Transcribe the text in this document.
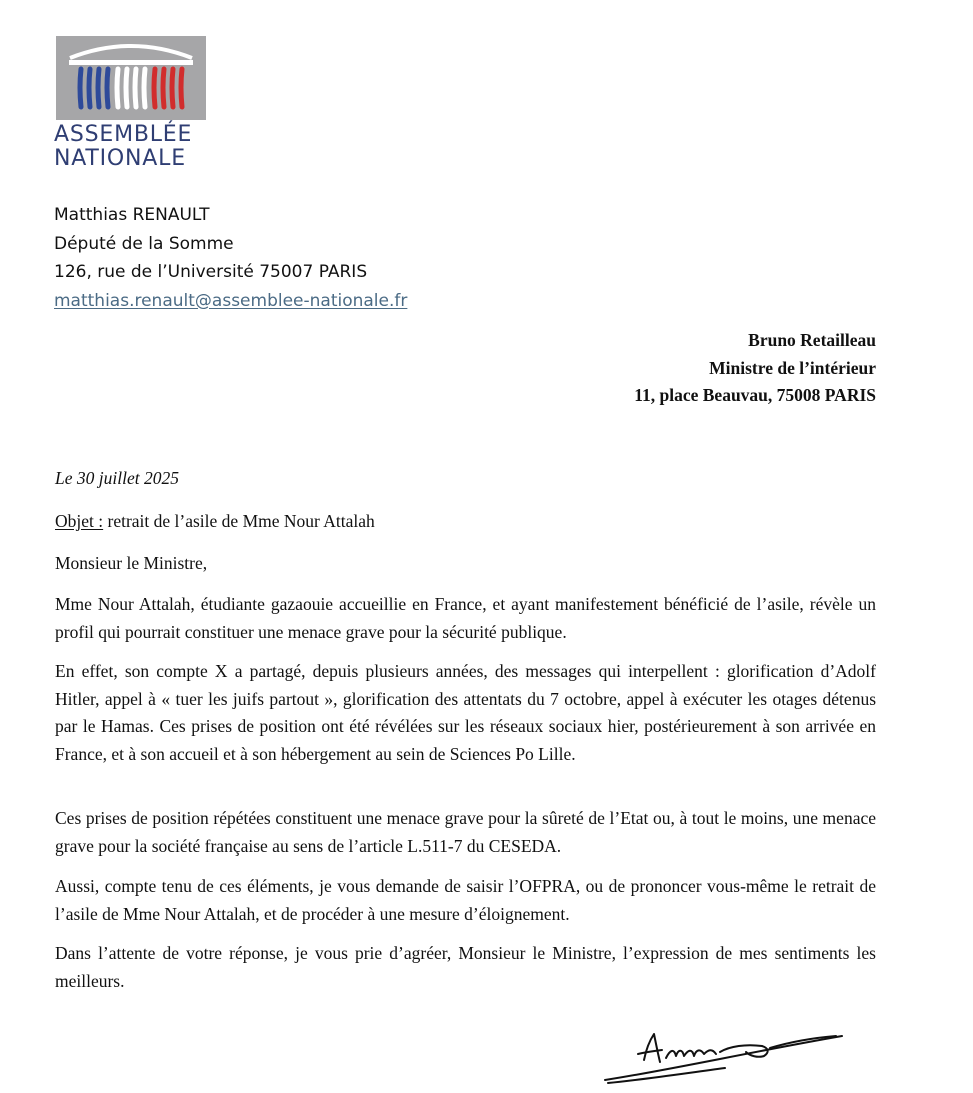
ASSEMBLÉE
NATIONALE
Matthias RENAULT
Député de la Somme
126, rue de l’Université 75007 PARIS
matthias.renault@assemblee-nationale.fr
Bruno Retailleau
Ministre de l’intérieur
11, place Beauvau, 75008 PARIS
Le 30 juillet 2025
Objet : retrait de l’asile de Mme Nour Attalah
Monsieur le Ministre,

Mme Nour Attalah, étudiante gazaouie accueillie en France, et ayant manifestement bénéficié de l’asile, révèle un profil qui pourrait constituer une menace grave pour la sécurité publique.

En effet, son compte X a partagé, depuis plusieurs années, des messages qui interpellent : glorification d’Adolf Hitler, appel à « tuer les juifs partout », glorification des attentats du 7 octobre, appel à exécuter les otages détenus par le Hamas. Ces prises de position ont été révélées sur les réseaux sociaux hier, postérieurement à son arrivée en France, et à son accueil et à son hébergement au sein de Sciences Po Lille.

Ces prises de position répétées constituent une menace grave pour la sûreté de l’Etat ou, à tout le moins, une menace grave pour la société française au sens de l’article L.511-7 du CESEDA.

Aussi, compte tenu de ces éléments, je vous demande de saisir l’OFPRA, ou de prononcer vous-même le retrait de l’asile de Mme Nour Attalah, et de procéder à une mesure d’éloignement.

Dans l’attente de votre réponse, je vous prie d’agréer, Monsieur le Ministre, l’expression de mes sentiments les meilleurs.
